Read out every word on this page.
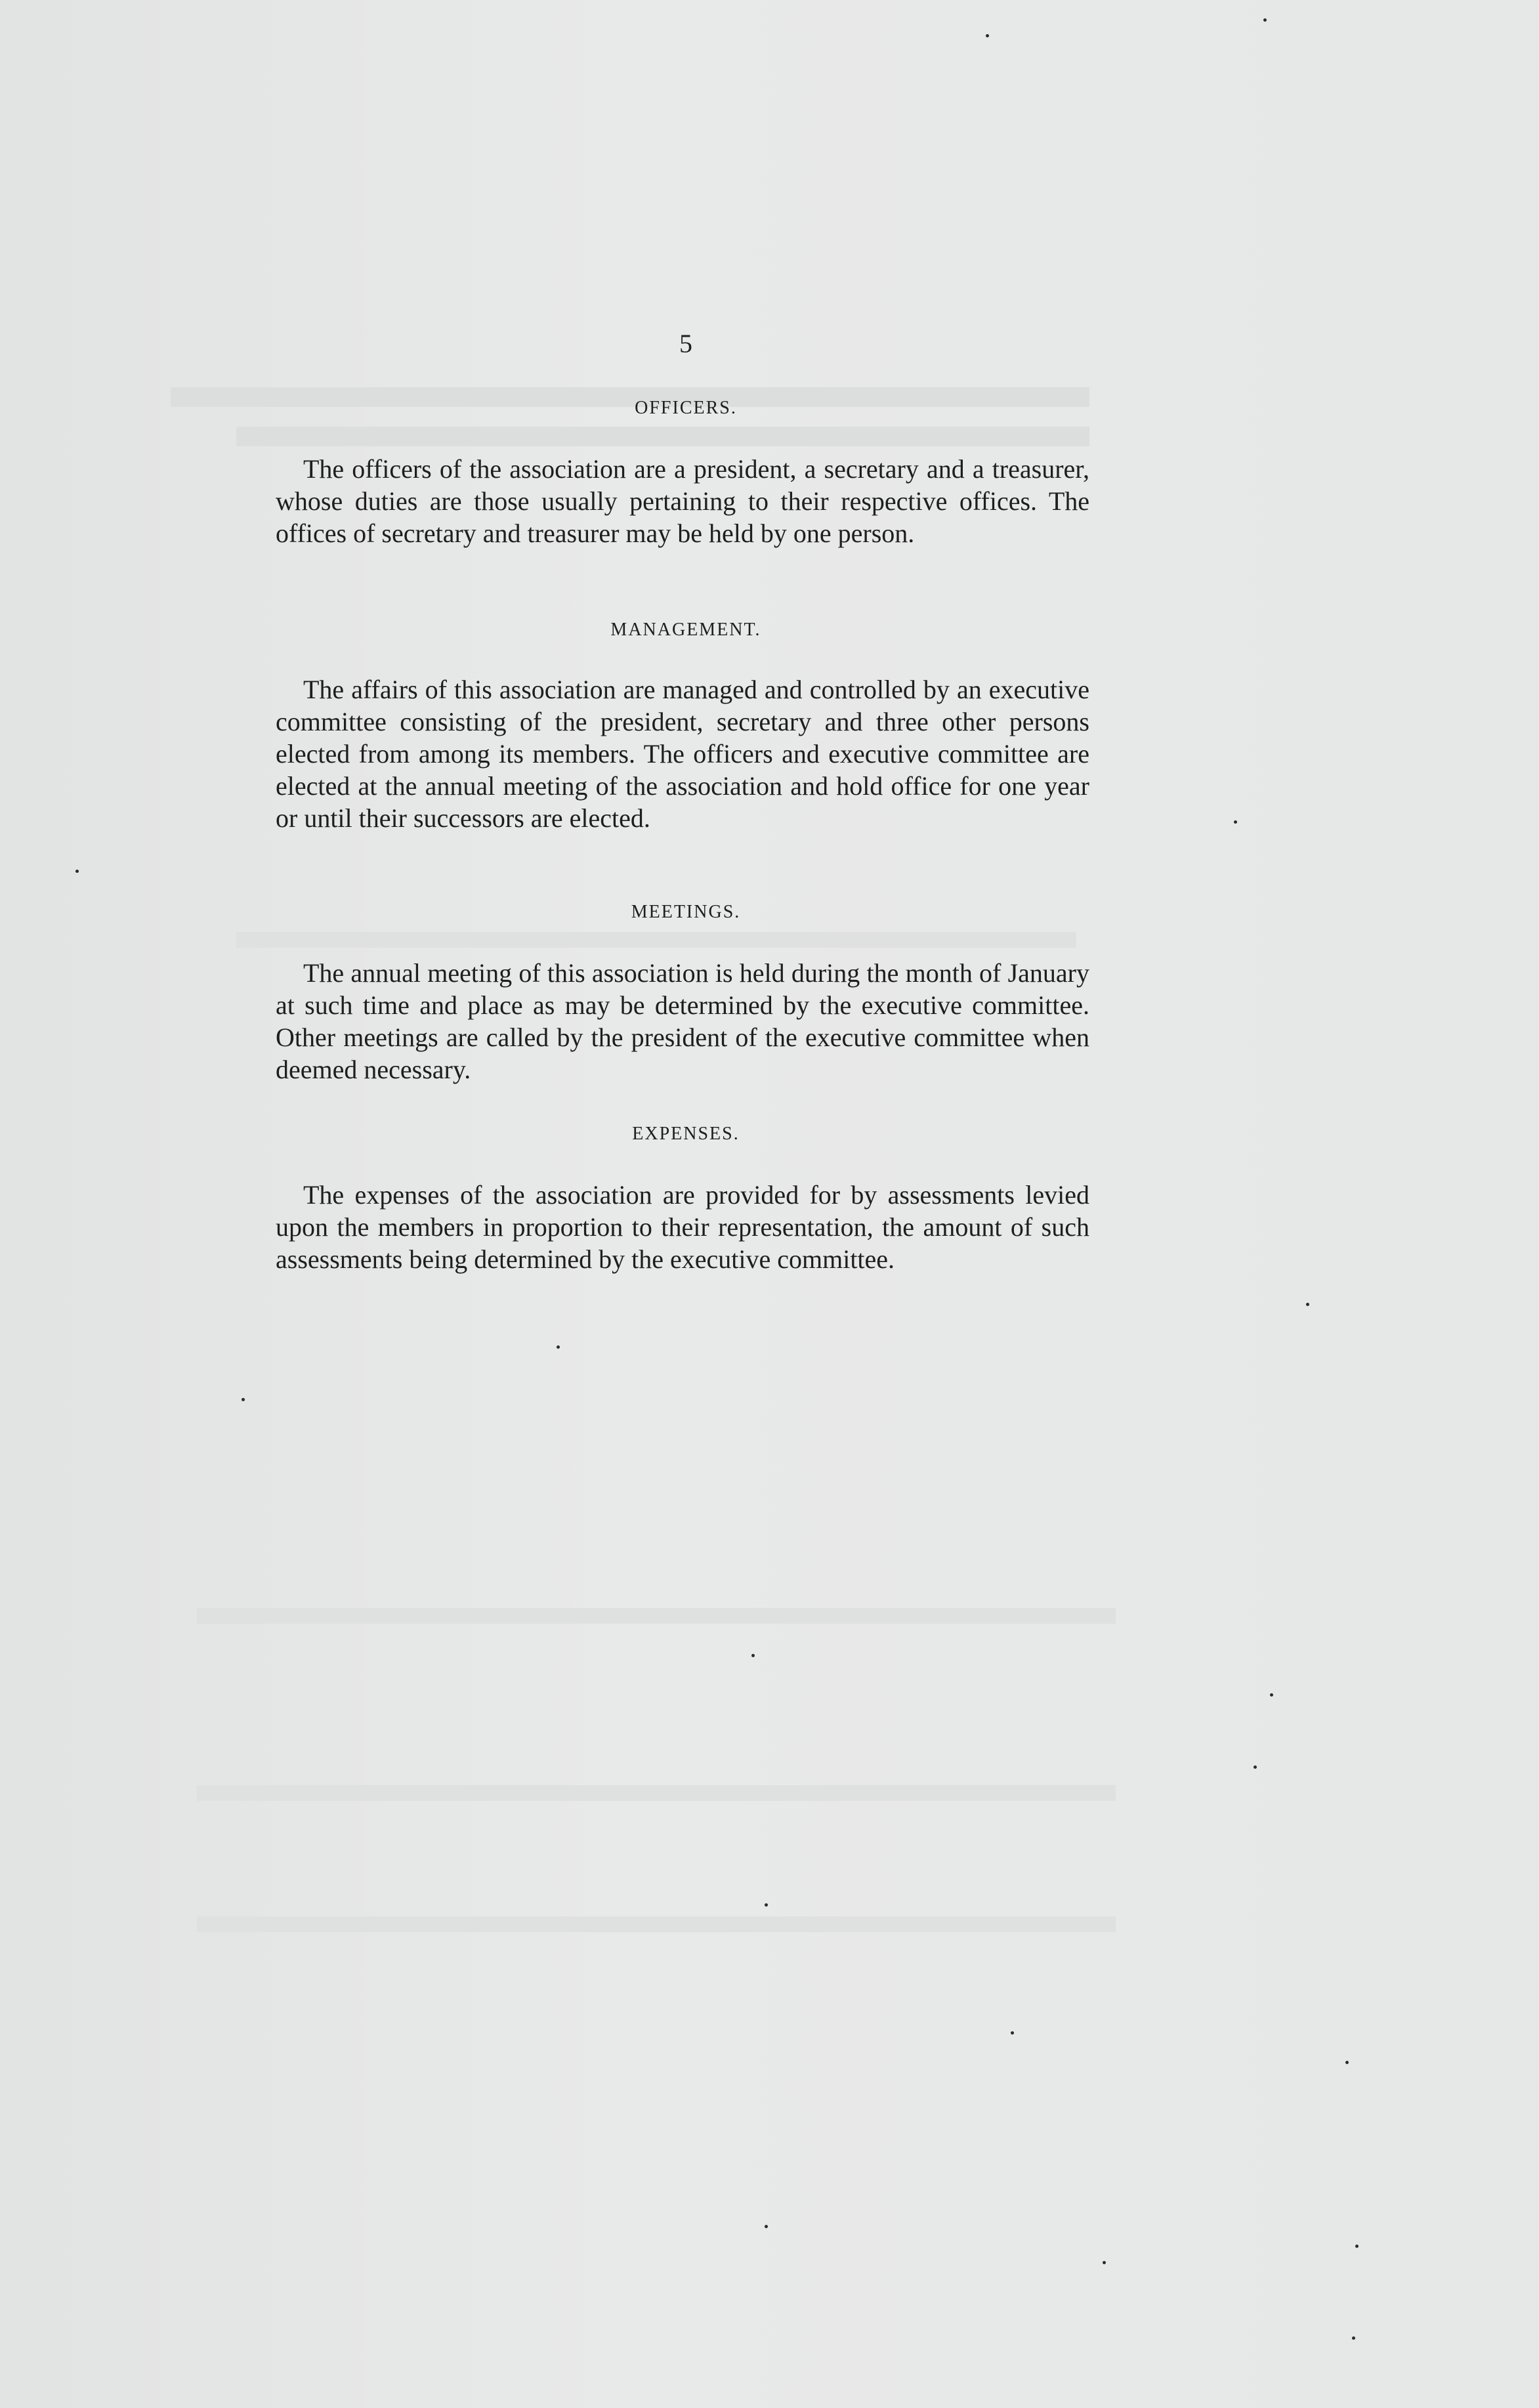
5
OFFICERS.

The officers of the association are a president, a secretary and a treasurer, whose duties are those usually pertaining to their respective offices. The offices of secretary and treasurer may be held by one person.

MANAGEMENT.

The affairs of this association are managed and controlled by an executive committee consisting of the president, secretary and three other persons elected from among its members. The officers and executive committee are elected at the annual meeting of the association and hold office for one year or until their successors are elected.

MEETINGS.

The annual meeting of this association is held during the month of January at such time and place as may be determined by the executive committee. Other meetings are called by the president of the executive committee when deemed necessary.

EXPENSES.

The expenses of the association are provided for by assessments levied upon the members in proportion to their representation, the amount of such assessments being determined by the executive committee.
